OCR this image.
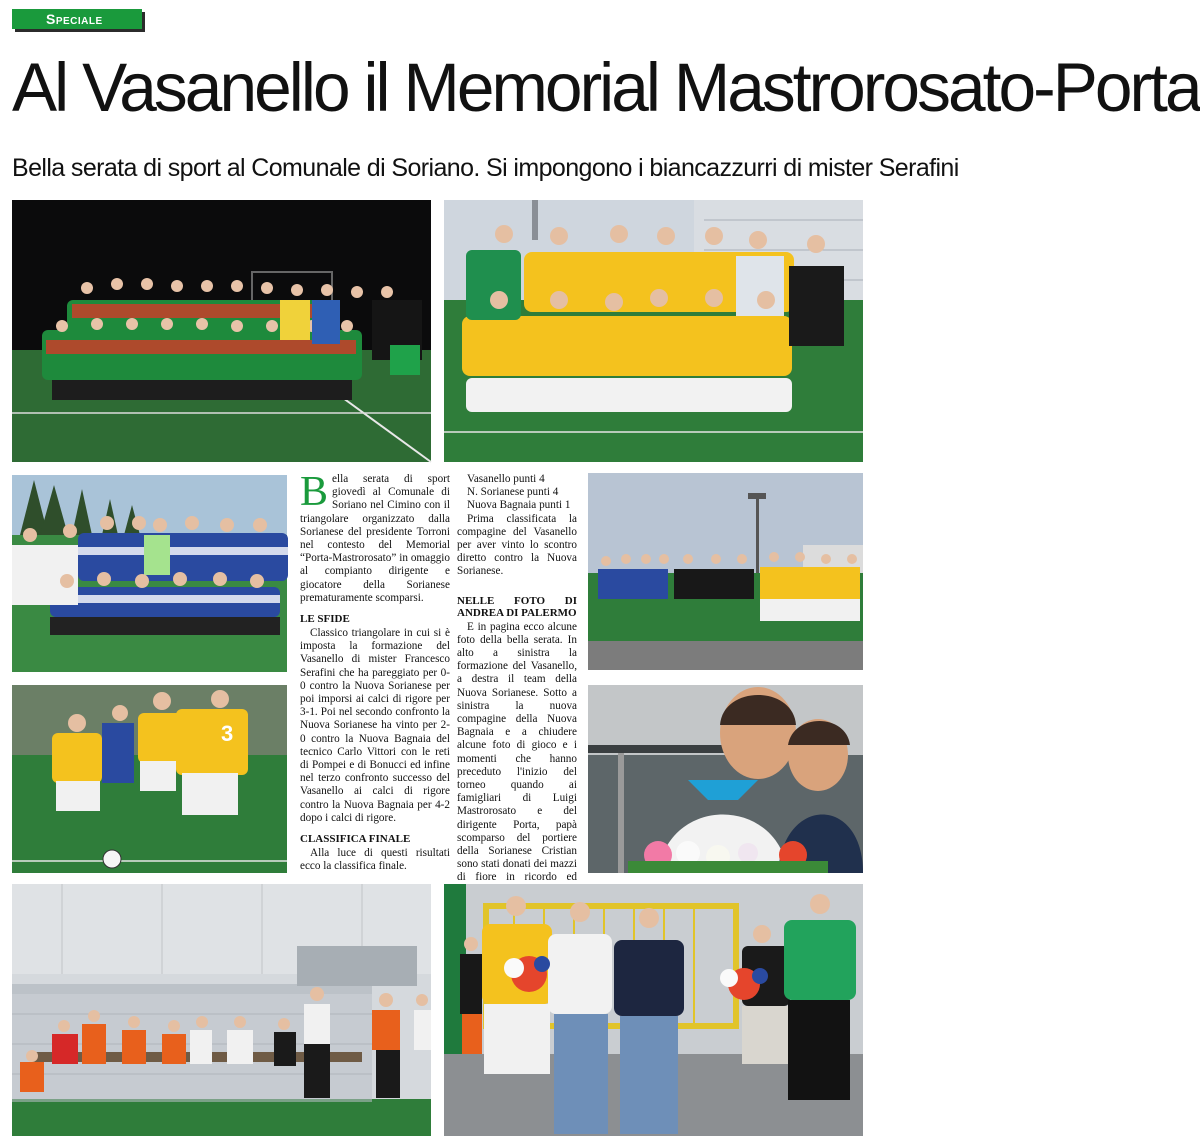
Speciale
Al Vasanello il Memorial Mastrorosato-Porta
Bella serata di sport al Comunale di Soriano. Si impongono i biancazzurri di mister Serafini
B ella serata di sport giovedì al Comunale di Soriano nel Cimino con il triangolare organizzato dalla Sorianese del presidente Torroni nel contesto del Memorial “Porta-Mastrorosato” in omaggio al compianto dirigente e giocatore della Sorianese prematuramente scomparsi.

LE SFIDE

Classico triangolare in cui si è imposta la formazione del Vasanello di mister Francesco Serafini che ha pareggiato per 0-0 contro la Nuova Sorianese per poi imporsi ai calci di rigore per 3-1. Poi nel secondo confronto la Nuova Sorianese ha vinto per 2-0 contro la Nuova Bagnaia del tecnico Carlo Vittori con le reti di Pompei e di Bonucci ed infine nel terzo confronto successo del Vasanello ai calci di rigore contro la Nuova Bagnaia per 4-2 dopo i calci di rigore.

CLASSIFICA FINALE

Alla luce di questi risultati ecco la classifica finale.

Vasanello punti 4

N. Sorianese punti 4

Nuova Bagnaia punti 1

Prima classificata la compagine del Vasanello per aver vinto lo scontro diretto contro la Nuova Sorianese.

NELLE FOTO DI ANDREA DI PALERMO

E in pagina ecco alcune foto della bella serata. In alto a sinistra la formazione del Vasanello, a destra il team della Nuova Sorianese. Sotto a sinistra la nuova compagine della Nuova Bagnaia e a chiudere alcune foto di gioco e i momenti che hanno preceduto l'inizio del torneo quando ai famigliari di Luigi Mastrorosato e del dirigente Porta, papà scomparso del portiere della Sorianese Cristian sono stati donati dei mazzi di fiore in ricordo ed

3
